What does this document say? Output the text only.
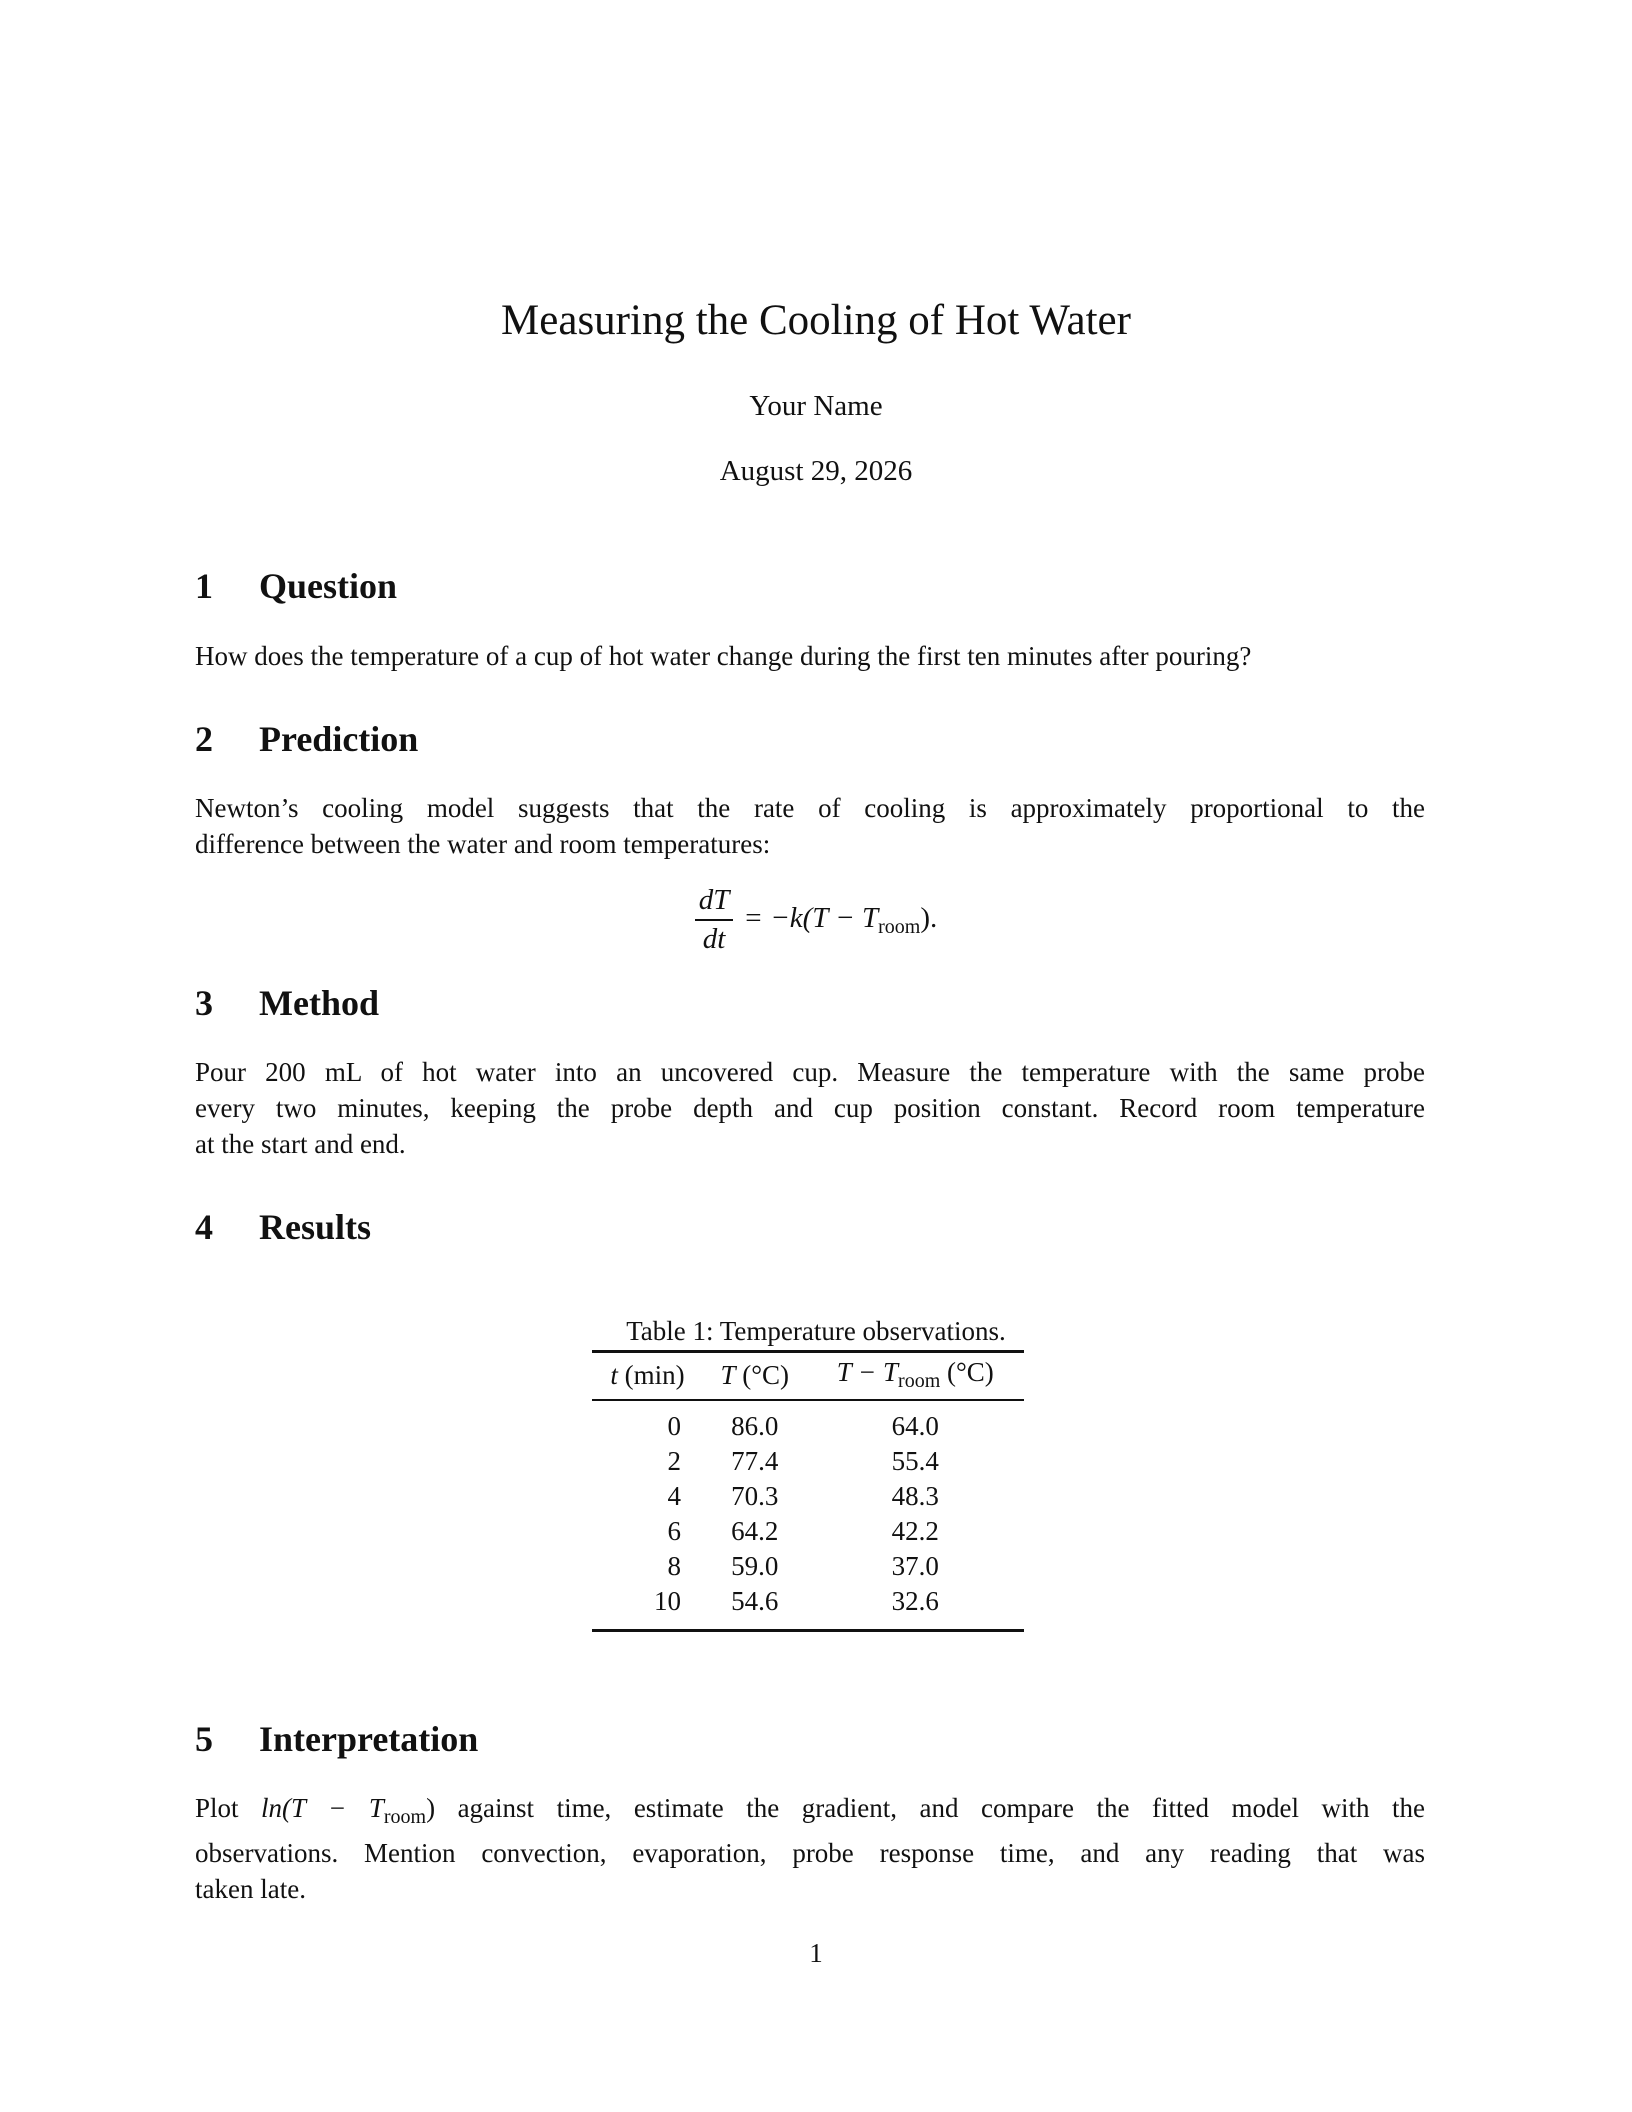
Measuring the Cooling of Hot Water
Your Name
August 29, 2026
1 Question
How does the temperature of a cup of hot water change during the first ten minutes after pouring?
2 Prediction
Newton’s cooling model suggests that the rate of cooling is approximately proportional to the
difference between the water and room temperatures:
$\frac{dT}{dt} = -k(T - T_{room})$.
3 Method
Pour 200 mL of hot water into an uncovered cup. Measure the temperature with the same probe
every two minutes, keeping the probe depth and cup position constant. Record room temperature
at the start and end.
4 Results
Table 1: Temperature observations.
t (min)	T (°C)	$T - T_{room}$ (°C)
0	86.0	64.0
2	77.4	55.4
4	70.3	48.3
6	64.2	42.2
8	59.0	37.0
10	54.6	32.6
5 Interpretation
Plot $\ln(T - T_{room})$ against time, estimate the gradient, and compare the fitted model with the
observations. Mention convection, evaporation, probe response time, and any reading that was
taken late.
1
